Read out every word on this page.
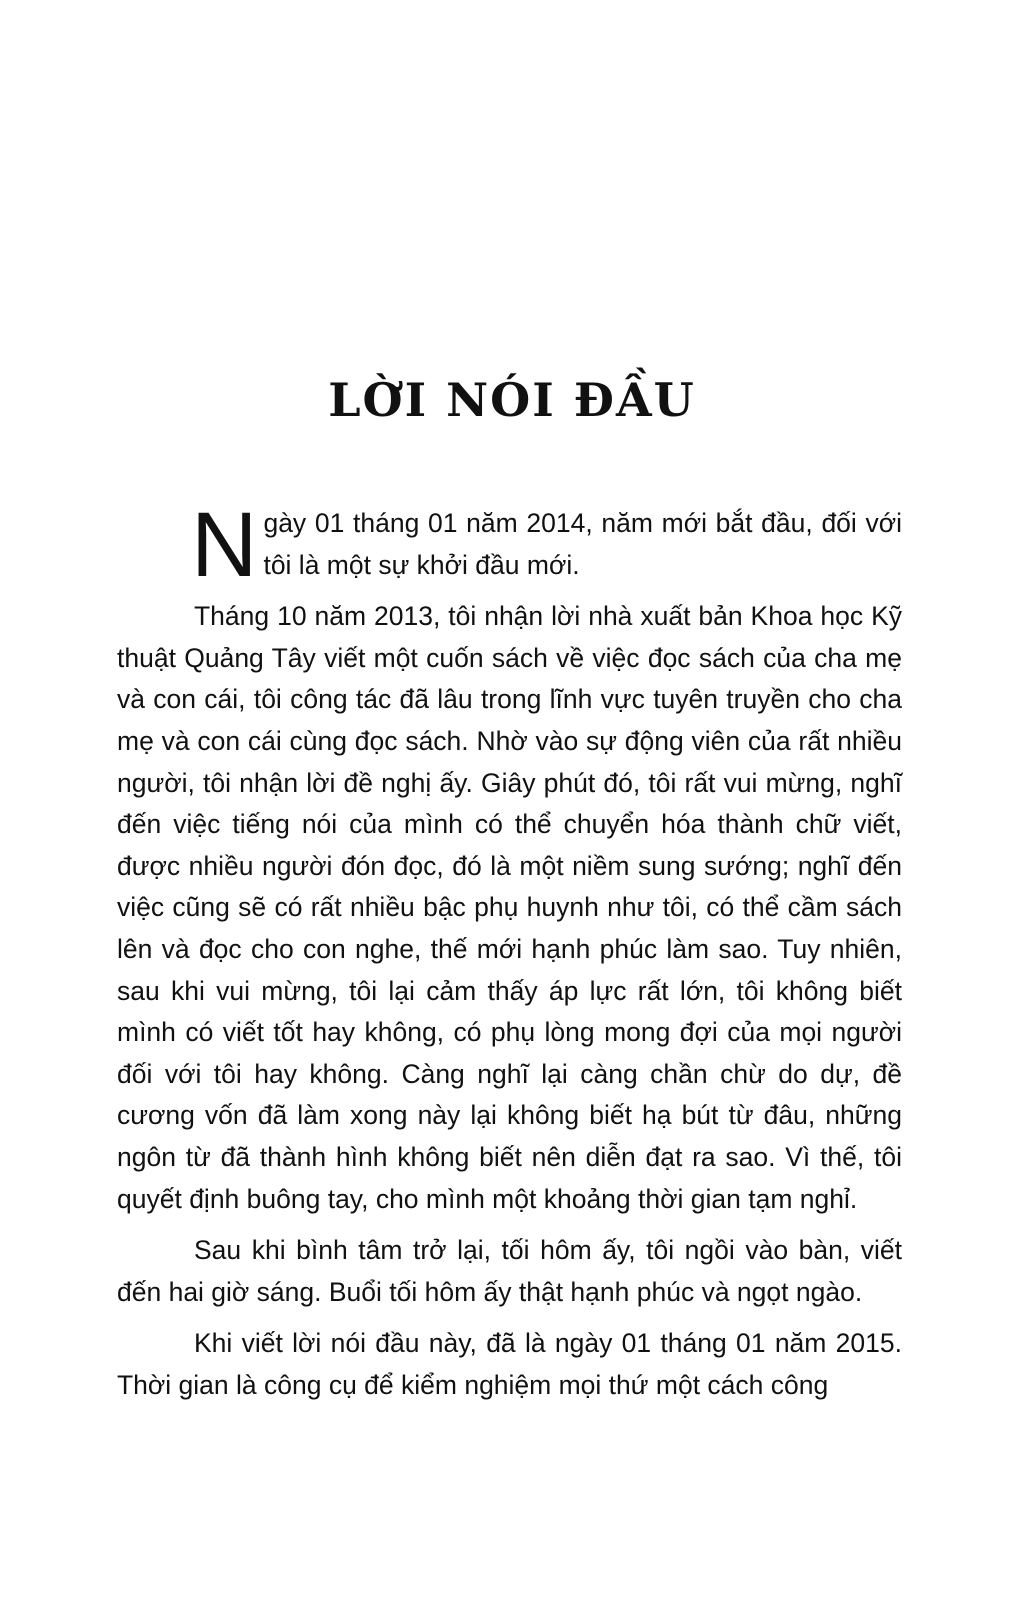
LỜI NÓI ĐẦU

Ngày 01 tháng 01 năm 2014, năm mới bắt đầu, đối với tôi là một sự khởi đầu mới.

Tháng 10 năm 2013, tôi nhận lời nhà xuất bản Khoa học Kỹ thuật Quảng Tây viết một cuốn sách về việc đọc sách của cha mẹ và con cái, tôi công tác đã lâu trong lĩnh vực tuyên truyền cho cha mẹ và con cái cùng đọc sách. Nhờ vào sự động viên của rất nhiều người, tôi nhận lời đề nghị ấy. Giây phút đó, tôi rất vui mừng, nghĩ đến việc tiếng nói của mình có thể chuyển hóa thành chữ viết, được nhiều người đón đọc, đó là một niềm sung sướng; nghĩ đến việc cũng sẽ có rất nhiều bậc phụ huynh như tôi, có thể cầm sách lên và đọc cho con nghe, thế mới hạnh phúc làm sao. Tuy nhiên, sau khi vui mừng, tôi lại cảm thấy áp lực rất lớn, tôi không biết mình có viết tốt hay không, có phụ lòng mong đợi của mọi người đối với tôi hay không. Càng nghĩ lại càng chần chừ do dự, đề cương vốn đã làm xong này lại không biết hạ bút từ đâu, những ngôn từ đã thành hình không biết nên diễn đạt ra sao. Vì thế, tôi quyết định buông tay, cho mình một khoảng thời gian tạm nghỉ.

Sau khi bình tâm trở lại, tối hôm ấy, tôi ngồi vào bàn, viết đến hai giờ sáng. Buổi tối hôm ấy thật hạnh phúc và ngọt ngào.

Khi viết lời nói đầu này, đã là ngày 01 tháng 01 năm 2015. Thời gian là công cụ để kiểm nghiệm mọi thứ một cách công
